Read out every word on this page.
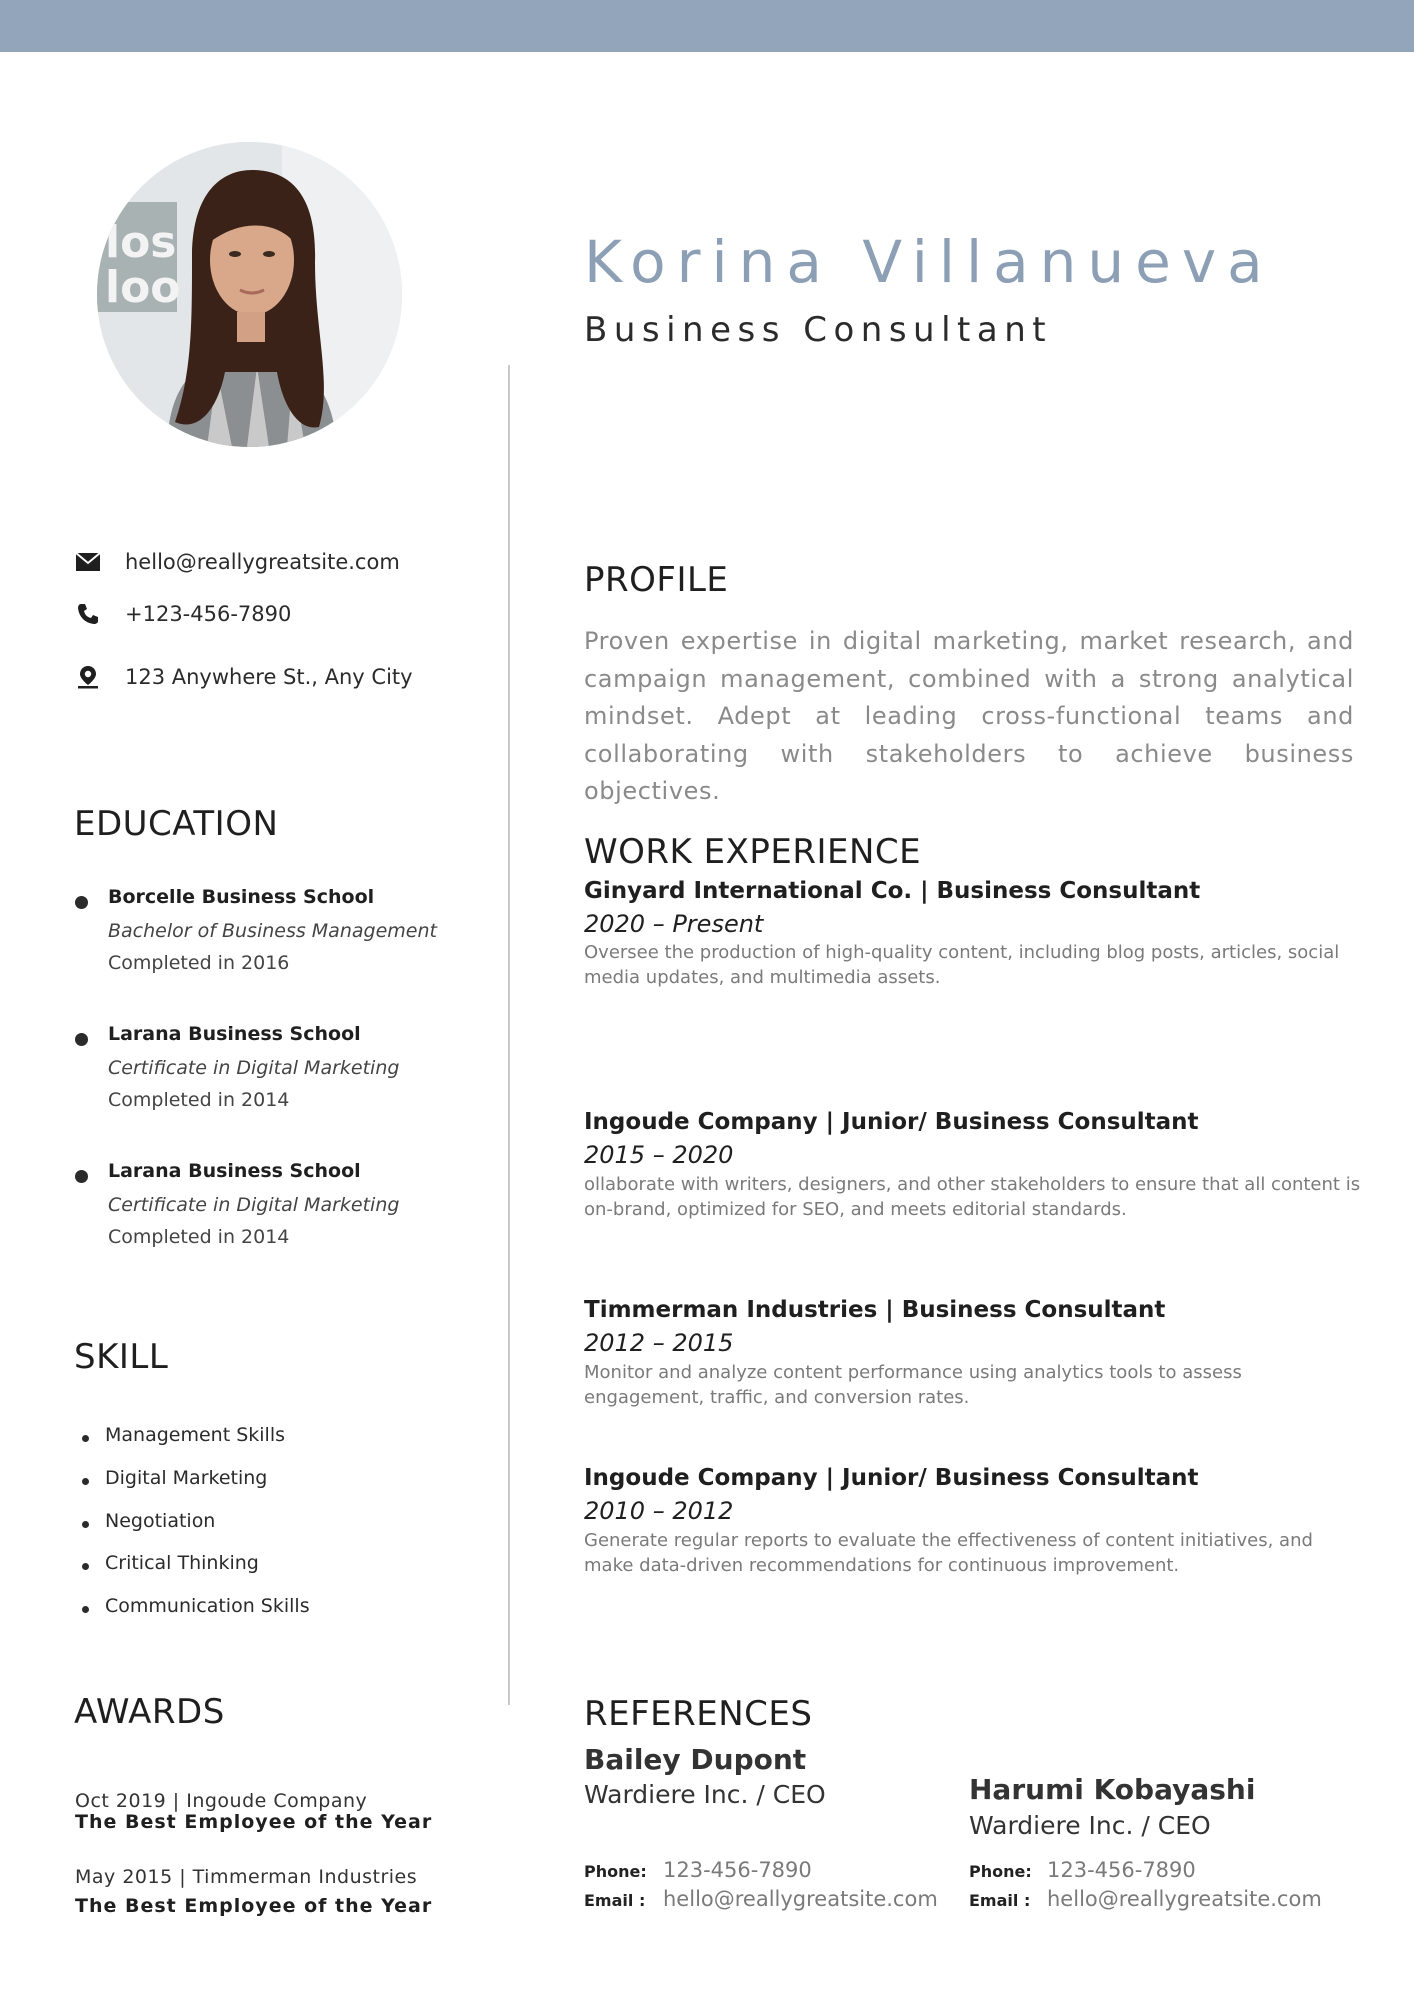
los
loo	Korina Villanueva
Business Consultant
hello@reallygreatsite.com
+123-456-7890
123 Anywhere St., Any City
EDUCATION
Borcelle Business School
Bachelor of Business Management
Completed in 2016
Larana Business School
Certificate in Digital Marketing
Completed in 2014
Larana Business School
Certificate in Digital Marketing
Completed in 2014
SKILL
Management Skills
Digital Marketing
Negotiation
Critical Thinking
Communication Skills
AWARDS
Oct 2019 | Ingoude Company
The Best Employee of the Year
May 2015 | Timmerman Industries
The Best Employee of the Year
PROFILE
Proven expertise in digital marketing, market research, and campaign management, combined with a strong analytical mindset. Adept at leading cross-functional teams and collaborating with stakeholders to achieve business objectives.
WORK EXPERIENCE
Ginyard International Co. | Business Consultant
2020 – Present
Oversee the production of high-quality content, including blog posts, articles, social media updates, and multimedia assets.
Ingoude Company | Junior/ Business Consultant
2015 – 2020
ollaborate with writers, designers, and other stakeholders to ensure that all content is on-brand, optimized for SEO, and meets editorial standards.
Timmerman Industries | Business Consultant
2012 – 2015
Monitor and analyze content performance using analytics tools to assess engagement, traffic, and conversion rates.
Ingoude Company | Junior/ Business Consultant
2010 – 2012
Generate regular reports to evaluate the effectiveness of content initiatives, and make data-driven recommendations for continuous improvement.
REFERENCES
Bailey Dupont
Wardiere Inc. / CEO
Phone: 123-456-7890
Email : hello@reallygreatsite.com
Harumi Kobayashi
Wardiere Inc. / CEO
Phone: 123-456-7890
Email : hello@reallygreatsite.com
